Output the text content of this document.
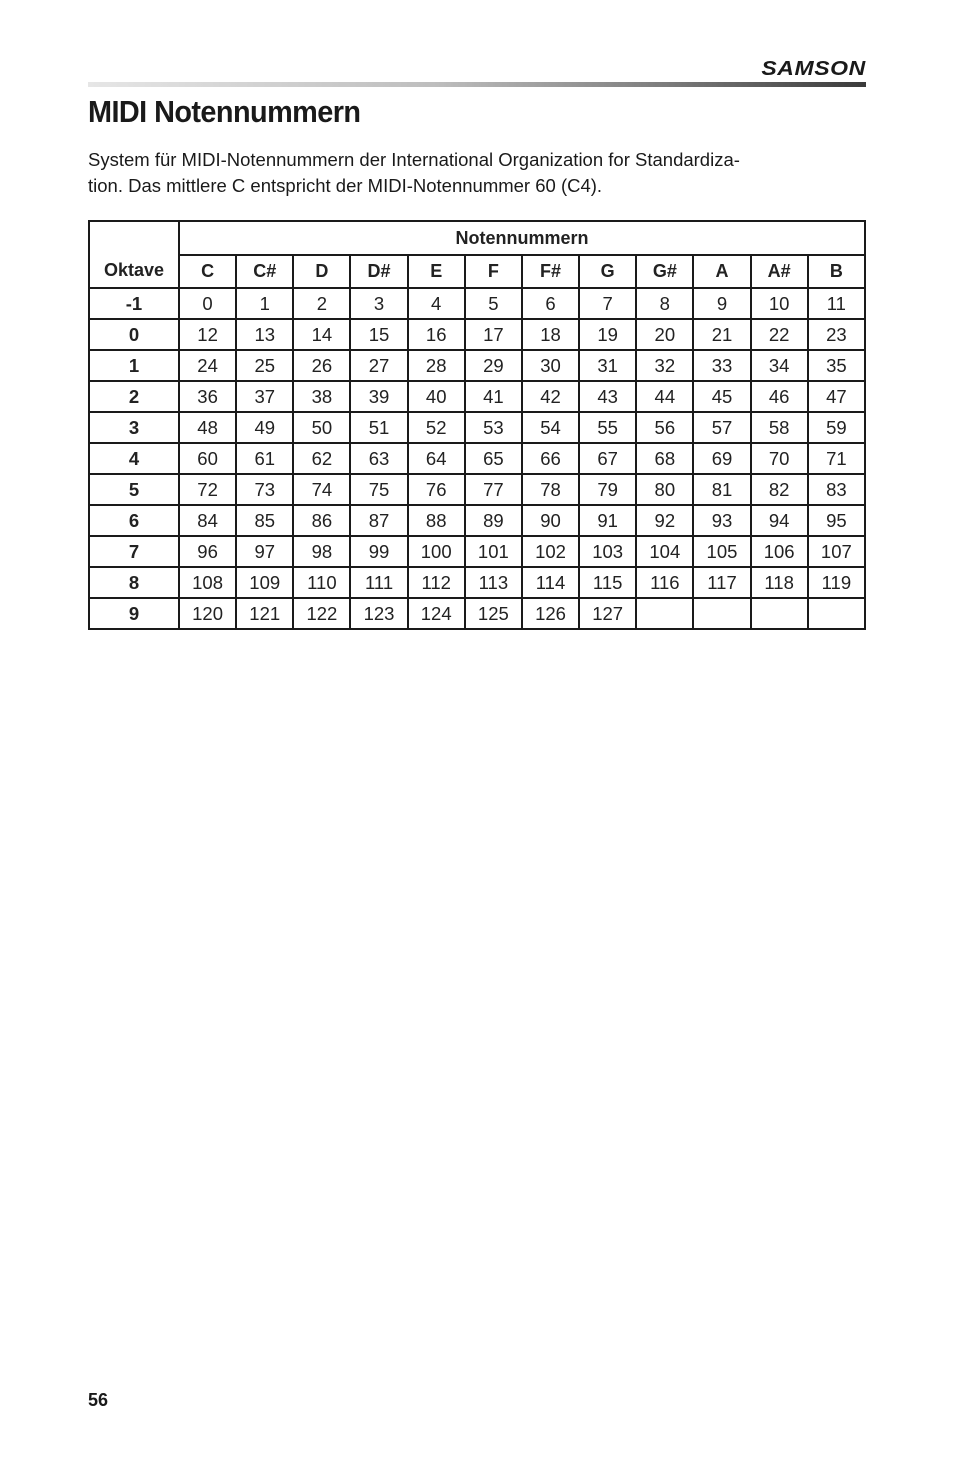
SAMSON
MIDI Notennummern

System für MIDI-Notennummern der International Organization for Standardiza-
tion. Das mittlere C entspricht der MIDI-Notennummer 60 (C4).

Oktave	Notennummern											
	C	C#	D	D#	E	F	F#	G	G#	A	A#	B
-1	0	1	2	3	4	5	6	7	8	9	10	11
0	12	13	14	15	16	17	18	19	20	21	22	23
1	24	25	26	27	28	29	30	31	32	33	34	35
2	36	37	38	39	40	41	42	43	44	45	46	47
3	48	49	50	51	52	53	54	55	56	57	58	59
4	60	61	62	63	64	65	66	67	68	69	70	71
5	72	73	74	75	76	77	78	79	80	81	82	83
6	84	85	86	87	88	89	90	91	92	93	94	95
7	96	97	98	99	100	101	102	103	104	105	106	107
8	108	109	110	111	112	113	114	115	116	117	118	119
9	120	121	122	123	124	125	126	127				
56
